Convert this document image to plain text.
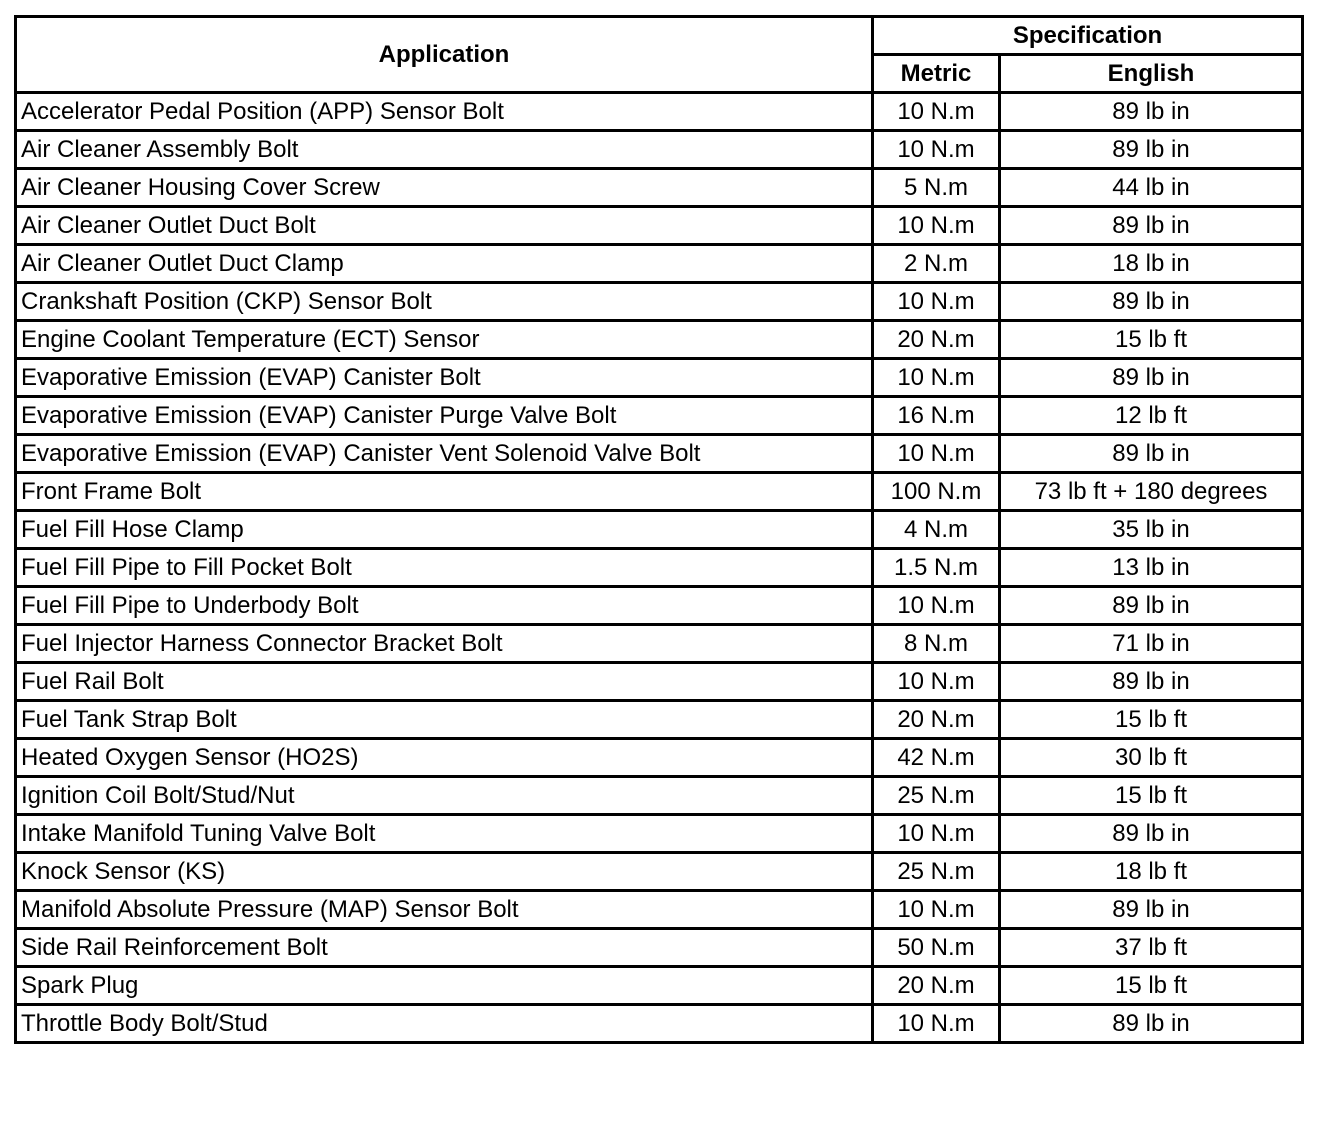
Application	Specification	
	Metric	English
Accelerator Pedal Position (APP) Sensor Bolt	10 N.m	89 lb in
Air Cleaner Assembly Bolt	10 N.m	89 lb in
Air Cleaner Housing Cover Screw	5 N.m	44 lb in
Air Cleaner Outlet Duct Bolt	10 N.m	89 lb in
Air Cleaner Outlet Duct Clamp	2 N.m	18 lb in
Crankshaft Position (CKP) Sensor Bolt	10 N.m	89 lb in
Engine Coolant Temperature (ECT) Sensor	20 N.m	15 lb ft
Evaporative Emission (EVAP) Canister Bolt	10 N.m	89 lb in
Evaporative Emission (EVAP) Canister Purge Valve Bolt	16 N.m	12 lb ft
Evaporative Emission (EVAP) Canister Vent Solenoid Valve Bolt	10 N.m	89 lb in
Front Frame Bolt	100 N.m	73 lb ft + 180 degrees
Fuel Fill Hose Clamp	4 N.m	35 lb in
Fuel Fill Pipe to Fill Pocket Bolt	1.5 N.m	13 lb in
Fuel Fill Pipe to Underbody Bolt	10 N.m	89 lb in
Fuel Injector Harness Connector Bracket Bolt	8 N.m	71 lb in
Fuel Rail Bolt	10 N.m	89 lb in
Fuel Tank Strap Bolt	20 N.m	15 lb ft
Heated Oxygen Sensor (HO2S)	42 N.m	30 lb ft
Ignition Coil Bolt/Stud/Nut	25 N.m	15 lb ft
Intake Manifold Tuning Valve Bolt	10 N.m	89 lb in
Knock Sensor (KS)	25 N.m	18 lb ft
Manifold Absolute Pressure (MAP) Sensor Bolt	10 N.m	89 lb in
Side Rail Reinforcement Bolt	50 N.m	37 lb ft
Spark Plug	20 N.m	15 lb ft
Throttle Body Bolt/Stud	10 N.m	89 lb in
